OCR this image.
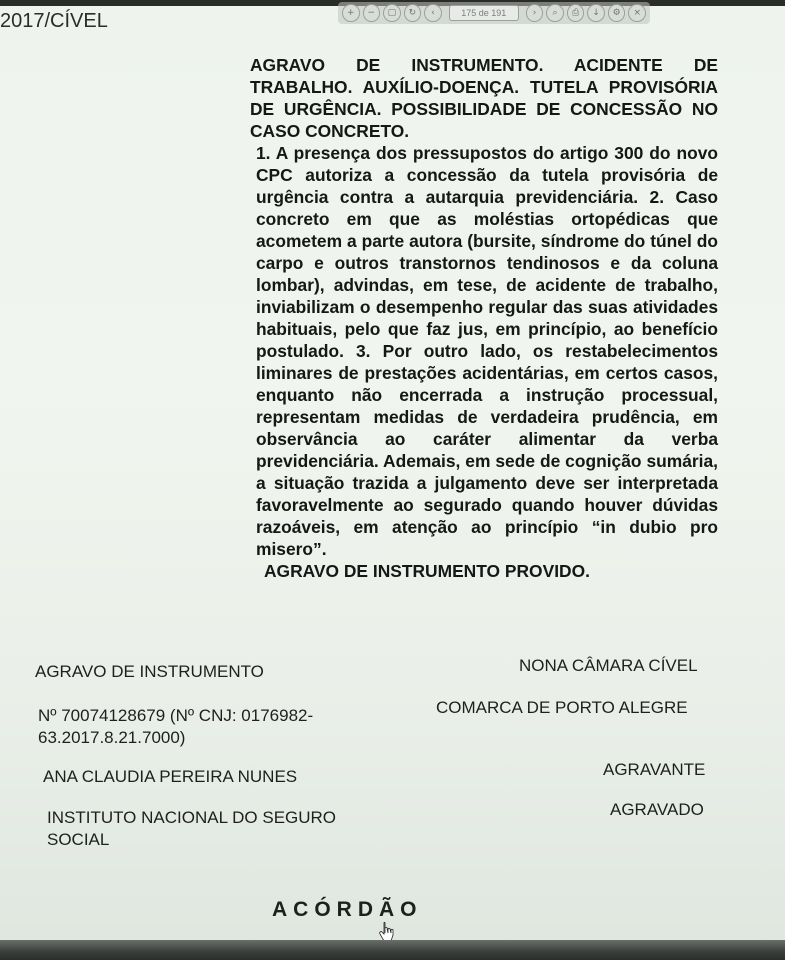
2017/CÍVEL	+	−	▢	↻	‹	175 de 191	›	⌕	⎙	↓	⚙	×

AGRAVO DE INSTRUMENTO. ACIDENTE DE TRABALHO. AUXÍLIO-DOENÇA. TUTELA PROVISÓRIA DE URGÊNCIA. POSSIBILIDADE DE CONCESSÃO NO CASO CONCRETO.

1. A presença dos pressupostos do artigo 300 do novo CPC autoriza a concessão da tutela provisória de urgência contra a autarquia previdenciária. 2. Caso concreto em que as moléstias ortopédicas que acometem a parte autora (bursite, síndrome do túnel do carpo e outros transtornos tendinosos e da coluna lombar), advindas, em tese, de acidente de trabalho, inviabilizam o desempenho regular das suas atividades habituais, pelo que faz jus, em princípio, ao benefício postulado. 3. Por outro lado, os restabelecimentos liminares de prestações acidentárias, em certos casos, enquanto não encerrada a instrução processual, representam medidas de verdadeira prudência, em observância ao caráter alimentar da verba previdenciária. Ademais, em sede de cognição sumária, a situação trazida a julgamento deve ser interpretada favoravelmente ao segurado quando houver dúvidas razoáveis, em atenção ao princípio “in dubio pro misero”.

AGRAVO DE INSTRUMENTO PROVIDO.

AGRAVO DE INSTRUMENTO	NONA CÂMARA CÍVEL
Nº 70074128679 (Nº CNJ: 0176982-
63.2017.8.21.7000)
COMARCA DE PORTO ALEGRE
ANA CLAUDIA PEREIRA NUNES	AGRAVANTE
INSTITUTO NACIONAL DO SEGURO
SOCIAL
AGRAVADO
ACÓRDÃO
